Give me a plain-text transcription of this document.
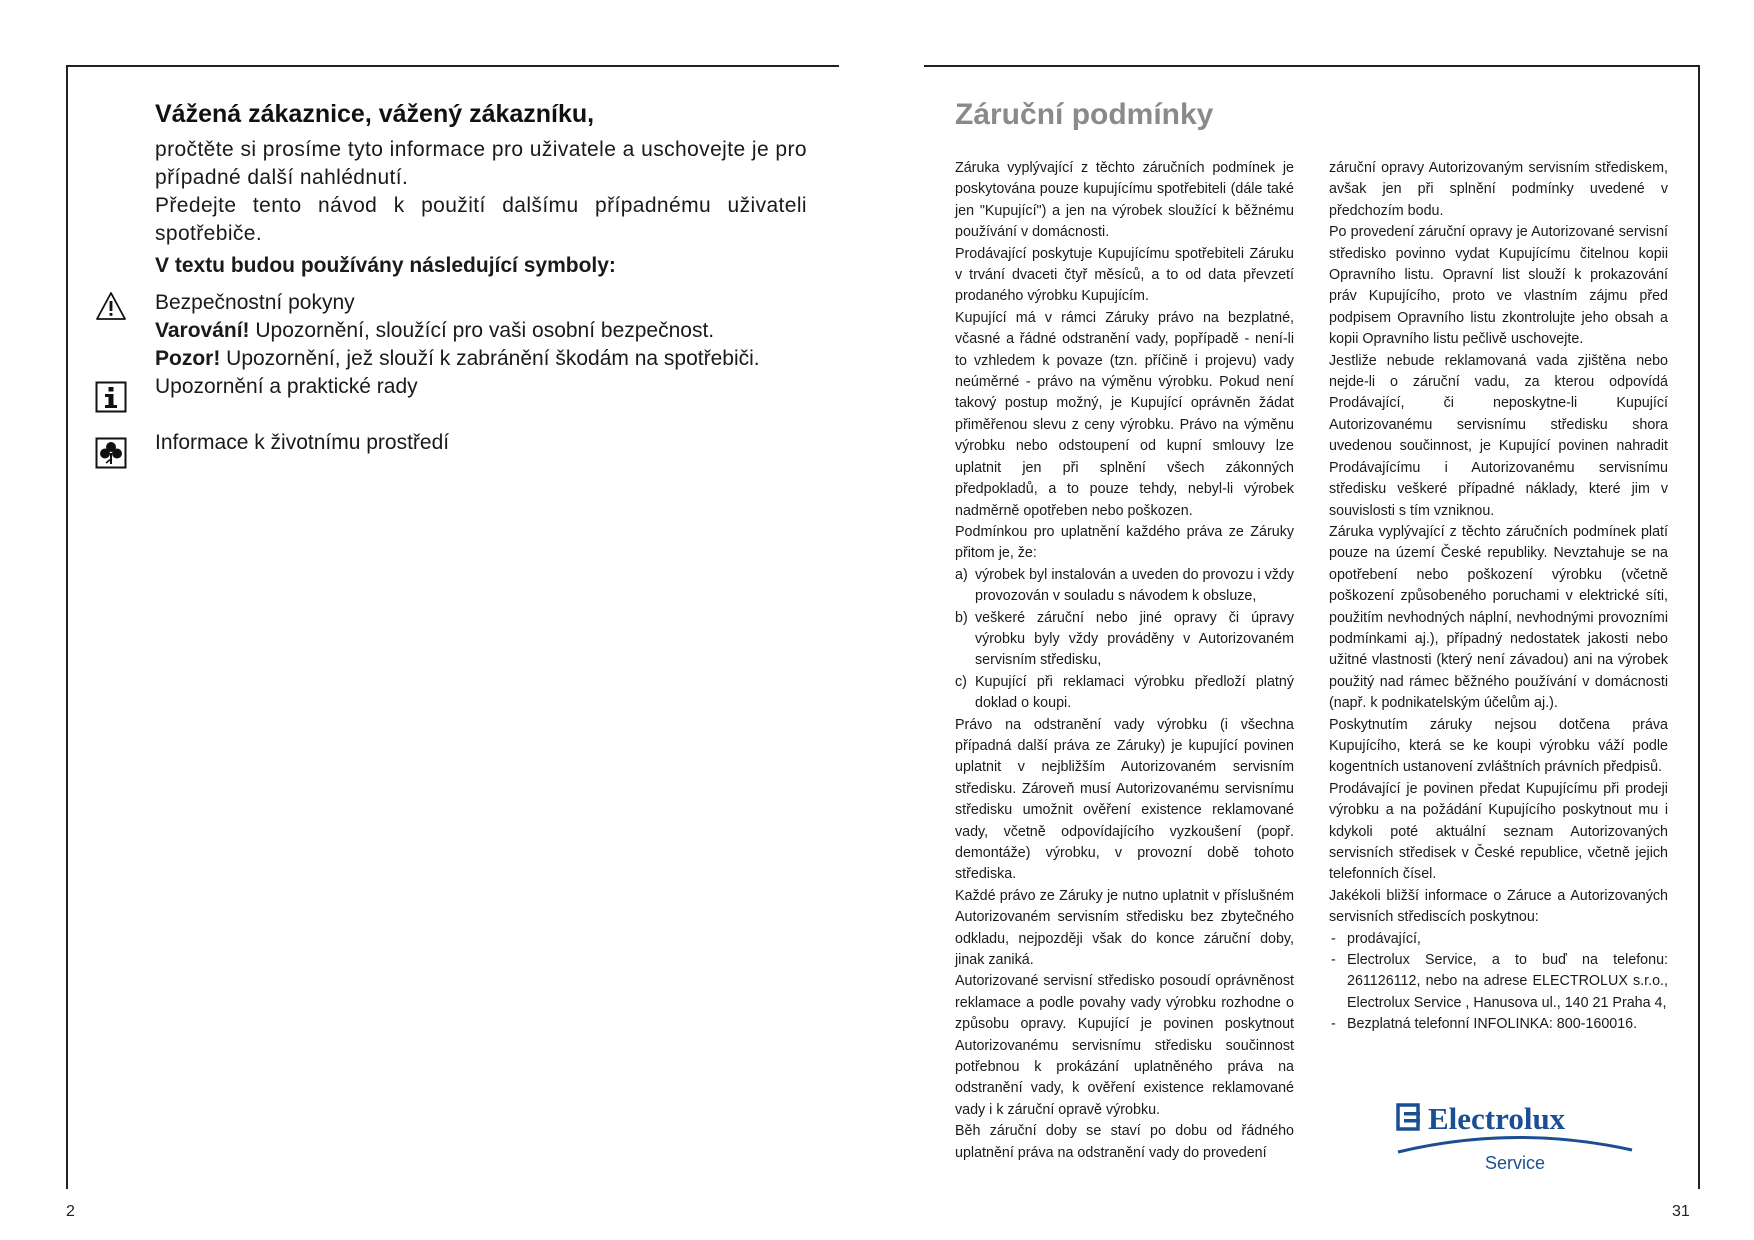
Vážená zákaznice, vážený zákazníku,

pročtěte si prosíme tyto informace pro uživatele a uschovejte je pro případné další nahlédnutí.

Předejte tento návod k použití dalšímu případnému uživateli spotřebiče.

V textu budou používány následující symboly:
Bezpečnostní pokyny
Varování! Upozornění, sloužící pro vaši osobní bezpečnost.
Pozor! Upozornění, jež slouží k zabránění škodám na spotřebiči.
Upozornění a praktické rady
Informace k životnímu prostředí
2
Záruční podmínky

Záruka vyplývající z těchto záručních podmínek je poskytována pouze kupujícímu spotřebiteli (dále také jen "Kupující") a jen na výrobek sloužící k běžnému používání v domácnosti.

Prodávající poskytuje Kupujícímu spotřebiteli Záruku v trvání dvaceti čtyř měsíců, a to od data převzetí prodaného výrobku Kupujícím.

Kupující má v rámci Záruky právo na bezplatné, včasné a řádné odstranění vady, popřípadě - není-li to vzhledem k povaze (tzn. příčině i projevu) vady neúměrné - právo na výměnu výrobku. Pokud není takový postup možný, je Kupující oprávněn žádat přiměřenou slevu z ceny výrobku. Právo na výměnu výrobku nebo odstoupení od kupní smlouvy lze uplatnit jen při splnění všech zákonných předpokladů, a to pouze tehdy, nebyl-li výrobek nadměrně opotřeben nebo poškozen.

Podmínkou pro uplatnění každého práva ze Záruky přitom je, že:

a) výrobek byl instalován a uveden do provozu i vždy provozován v souladu s návodem k obsluze,
b) veškeré záruční nebo jiné opravy či úpravy výrobku byly vždy prováděny v Autorizovaném servisním středisku,
c) Kupující při reklamaci výrobku předloží platný doklad o koupi.

Právo na odstranění vady výrobku (i všechna případná další práva ze Záruky) je kupující povinen uplatnit v nejbližším Autorizovaném servisním středisku. Zároveň musí Autorizovanému servisnímu středisku umožnit ověření existence reklamované vady, včetně odpovídajícího vyzkoušení (popř. demontáže) výrobku, v provozní době tohoto střediska.

Každé právo ze Záruky je nutno uplatnit v příslušném Autorizovaném servisním středisku bez zbytečného odkladu, nejpozději však do konce záruční doby, jinak zaniká.

Autorizované servisní středisko posoudí oprávněnost reklamace a podle povahy vady výrobku rozhodne o způsobu opravy. Kupující je povinen poskytnout Autorizovanému servisnímu středisku součinnost potřebnou k prokázání uplatněného práva na odstranění vady, k ověření existence reklamované vady i k záruční opravě výrobku.

Běh záruční doby se staví po dobu od řádného uplatnění práva na odstranění vady do provedení

záruční opravy Autorizovaným servisním střediskem, avšak jen při splnění podmínky uvedené v předchozím bodu.

Po provedení záruční opravy je Autorizované servisní středisko povinno vydat Kupujícímu čitelnou kopii Opravního listu. Opravní list slouží k prokazování práv Kupujícího, proto ve vlastním zájmu před podpisem Opravního listu zkontrolujte jeho obsah a kopii Opravního listu pečlivě uschovejte.

Jestliže nebude reklamovaná vada zjištěna nebo nejde-li o záruční vadu, za kterou odpovídá Prodávající, či neposkytne-li Kupující Autorizovanému servisnímu středisku shora uvedenou součinnost, je Kupující povinen nahradit Prodávajícímu i Autorizovanému servisnímu středisku veškeré případné náklady, které jim v souvislosti s tím vzniknou.

Záruka vyplývající z těchto záručních podmínek platí pouze na území České republiky. Nevztahuje se na opotřebení nebo poškození výrobku (včetně poškození způsobeného poruchami v elektrické síti, použitím nevhodných náplní, nevhodnými provozními podmínkami aj.), případný nedostatek jakosti nebo užitné vlastnosti (který není závadou) ani na výrobek použitý nad rámec běžného používání v domácnosti (např. k podnikatelským účelům aj.).

Poskytnutím záruky nejsou dotčena práva Kupujícího, která se ke koupi výrobku váží podle kogentních ustanovení zvláštních právních předpisů.

Prodávající je povinen předat Kupujícímu při prodeji výrobku a na požádání Kupujícího poskytnout mu i kdykoli poté aktuální seznam Autorizovaných servisních středisek v České republice, včetně jejich telefonních čísel.

Jakékoli bližší informace o Záruce a Autorizovaných servisních střediscích poskytnou:

- prodávající,
- Electrolux Service, a to buď na telefonu: 261126112, nebo na adrese ELECTROLUX s.r.o., Electrolux Service , Hanusova ul., 140 21 Praha 4,
- Bezplatná telefonní INFOLINKA: 800-160016.
Electrolux
Service
31
